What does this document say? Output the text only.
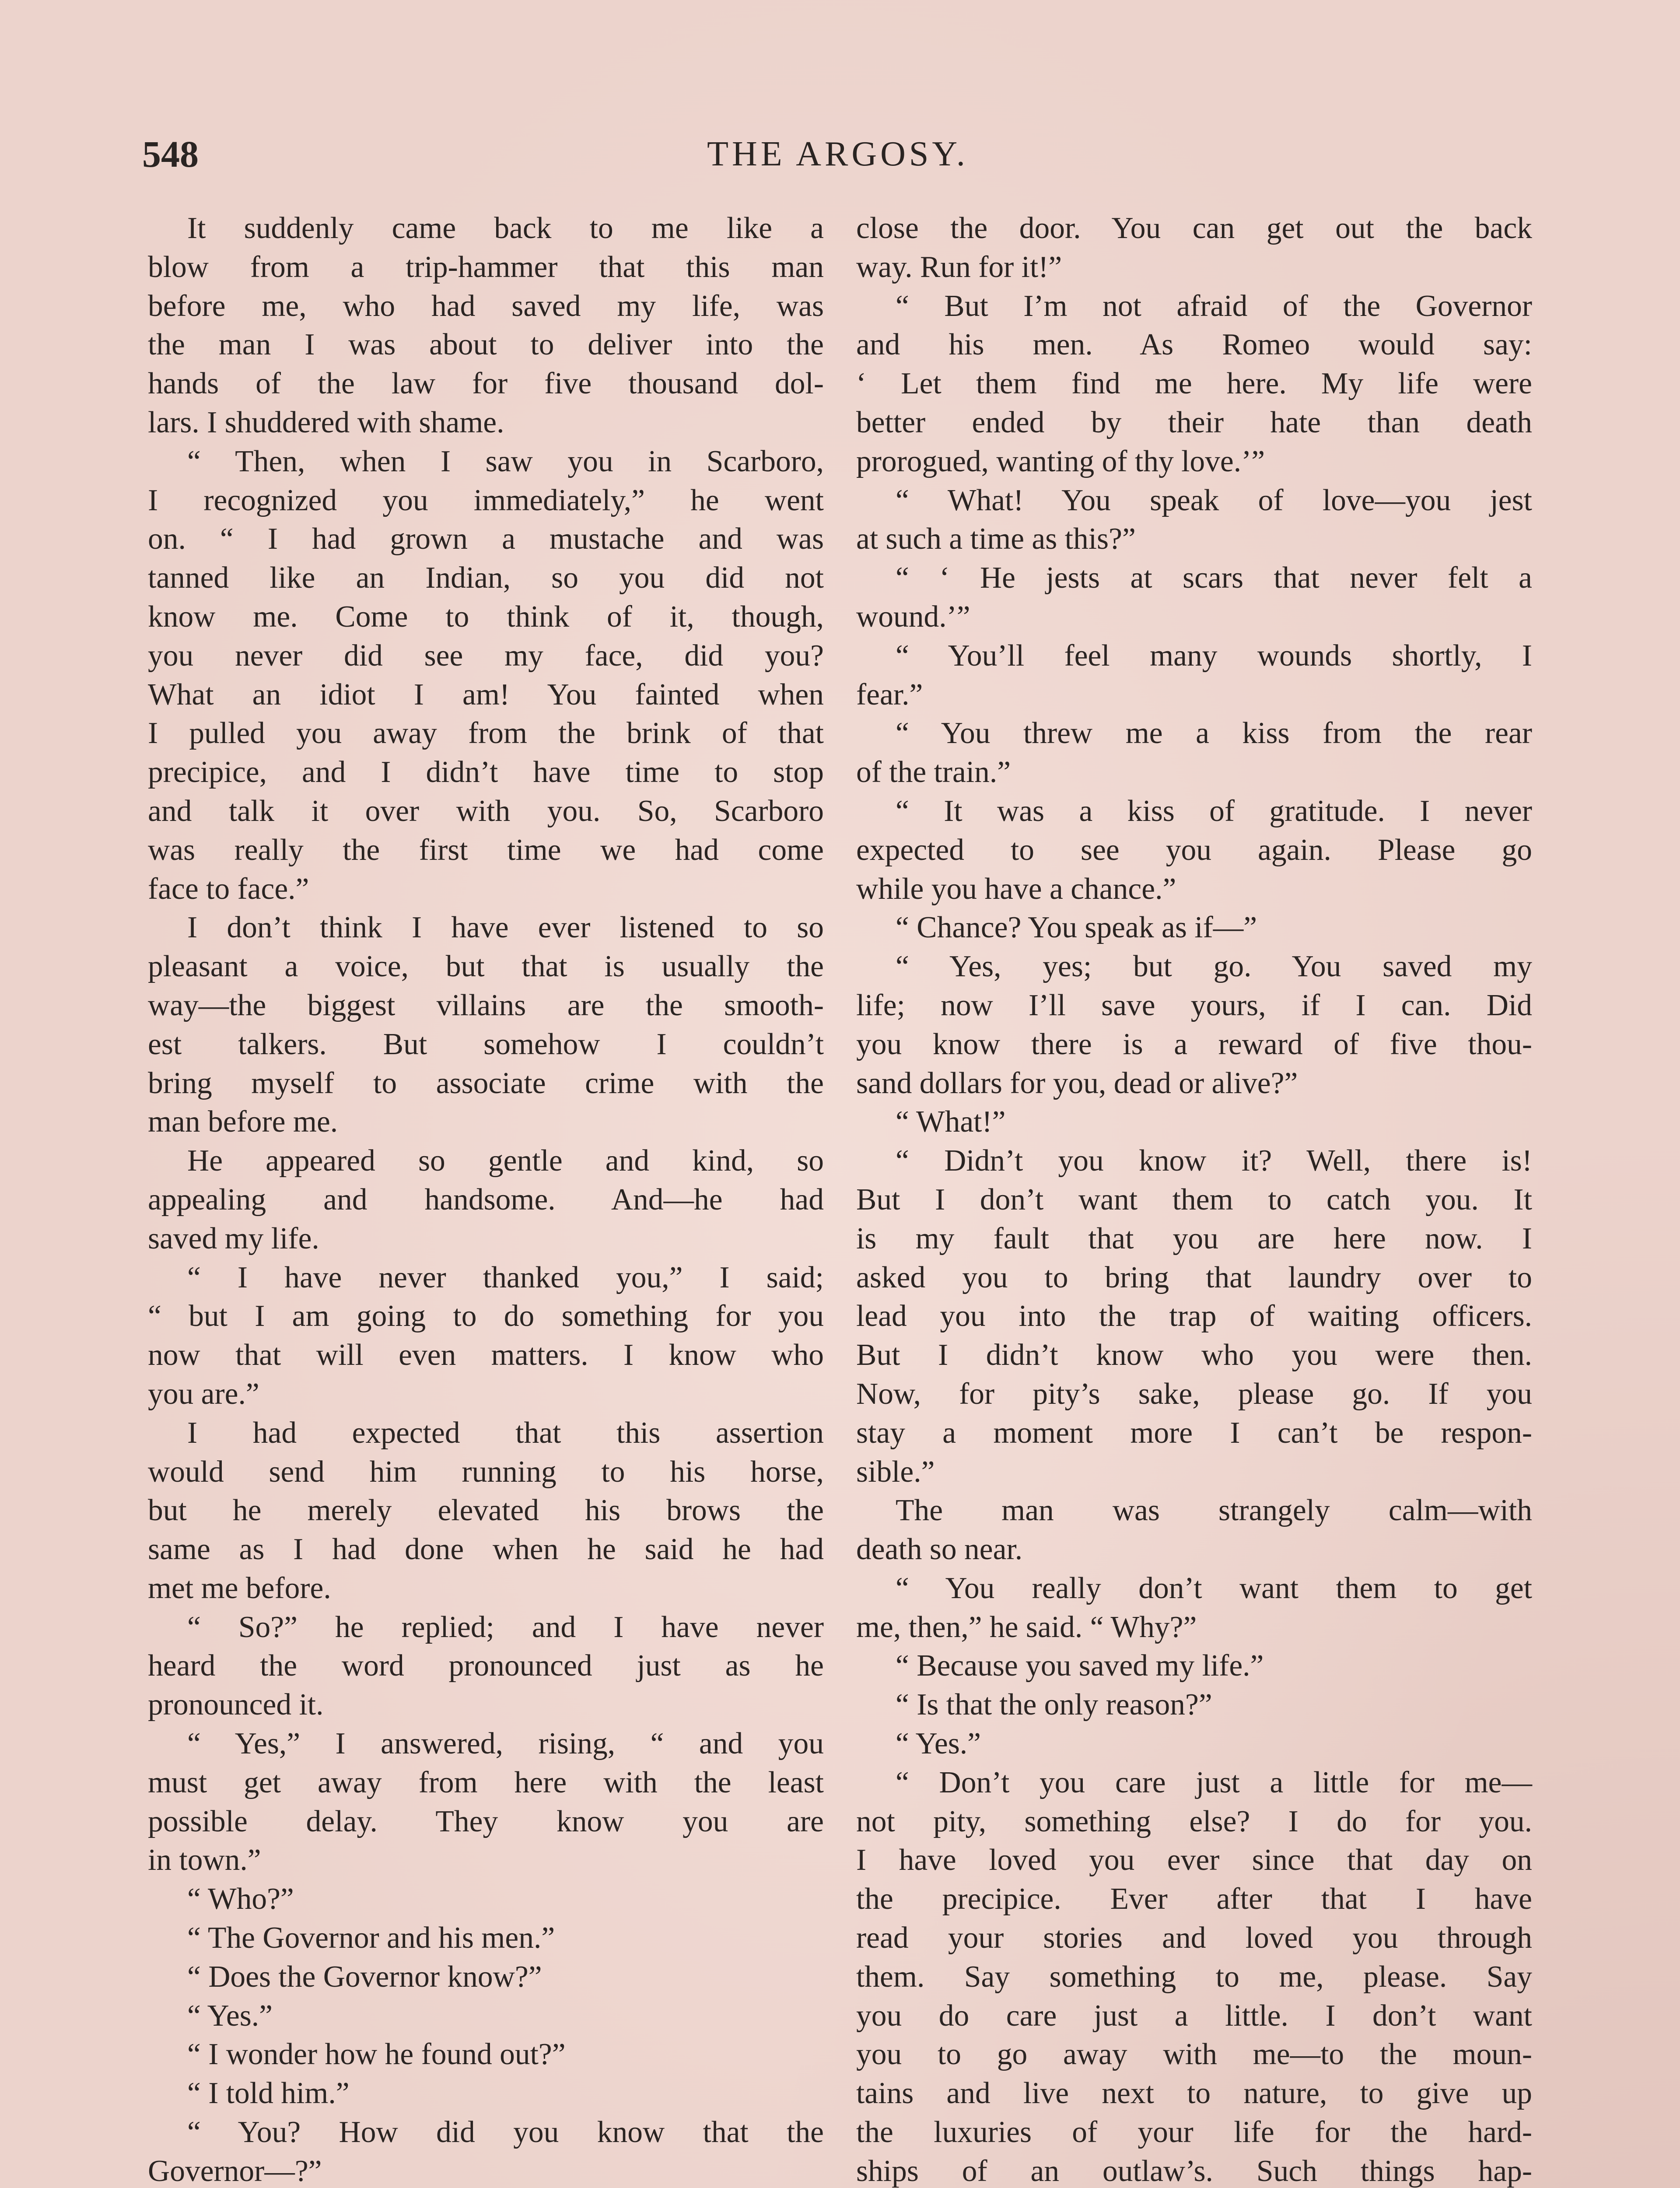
548	THE ARGOSY.
It suddenly came back to me like a
blow from a trip-hammer that this man
before me, who had saved my life, was
the man I was about to deliver into the
hands of the law for five thousand dol-
lars. I shuddered with shame.
“ Then, when I saw you in Scarboro,
I recognized you immediately,” he went
on. “ I had grown a mustache and was
tanned like an Indian, so you did not
know me. Come to think of it, though,
you never did see my face, did you?
What an idiot I am! You fainted when
I pulled you away from the brink of that
precipice, and I didn’t have time to stop
and talk it over with you. So, Scarboro
was really the first time we had come
face to face.”
I don’t think I have ever listened to so
pleasant a voice, but that is usually the
way—the biggest villains are the smooth-
est talkers. But somehow I couldn’t
bring myself to associate crime with the
man before me.
He appeared so gentle and kind, so
appealing and handsome. And—he had
saved my life.
“ I have never thanked you,” I said;
“ but I am going to do something for you
now that will even matters. I know who
you are.”
I had expected that this assertion
would send him running to his horse,
but he merely elevated his brows the
same as I had done when he said he had
met me before.
“ So?” he replied; and I have never
heard the word pronounced just as he
pronounced it.
“ Yes,” I answered, rising, “ and you
must get away from here with the least
possible delay. They know you are
in town.”
“ Who?”
“ The Governor and his men.”
“ Does the Governor know?”
“ Yes.”
“ I wonder how he found out?”
“ I told him.”
“ You? How did you know that the
Governor—?”
close the door. You can get out the back
way. Run for it!”
“ But I’m not afraid of the Governor
and his men. As Romeo would say:
‘ Let them find me here. My life were
better ended by their hate than death
prorogued, wanting of thy love.’”
“ What! You speak of love—you jest
at such a time as this?”
“ ‘ He jests at scars that never felt a
wound.’”
“ You’ll feel many wounds shortly, I
fear.”
“ You threw me a kiss from the rear
of the train.”
“ It was a kiss of gratitude. I never
expected to see you again. Please go
while you have a chance.”
“ Chance? You speak as if—”
“ Yes, yes; but go. You saved my
life; now I’ll save yours, if I can. Did
you know there is a reward of five thou-
sand dollars for you, dead or alive?”
“ What!”
“ Didn’t you know it? Well, there is!
But I don’t want them to catch you. It
is my fault that you are here now. I
asked you to bring that laundry over to
lead you into the trap of waiting officers.
But I didn’t know who you were then.
Now, for pity’s sake, please go. If you
stay a moment more I can’t be respon-
sible.”
The man was strangely calm—with
death so near.
“ You really don’t want them to get
me, then,” he said. “ Why?”
“ Because you saved my life.”
“ Is that the only reason?”
“ Yes.”
“ Don’t you care just a little for me—
not pity, something else? I do for you.
I have loved you ever since that day on
the precipice. Ever after that I have
read your stories and loved you through
them. Say something to me, please. Say
you do care just a little. I don’t want
you to go away with me—to the moun-
tains and live next to nature, to give up
the luxuries of your life for the hard-
ships of an outlaw’s. Such things hap-
